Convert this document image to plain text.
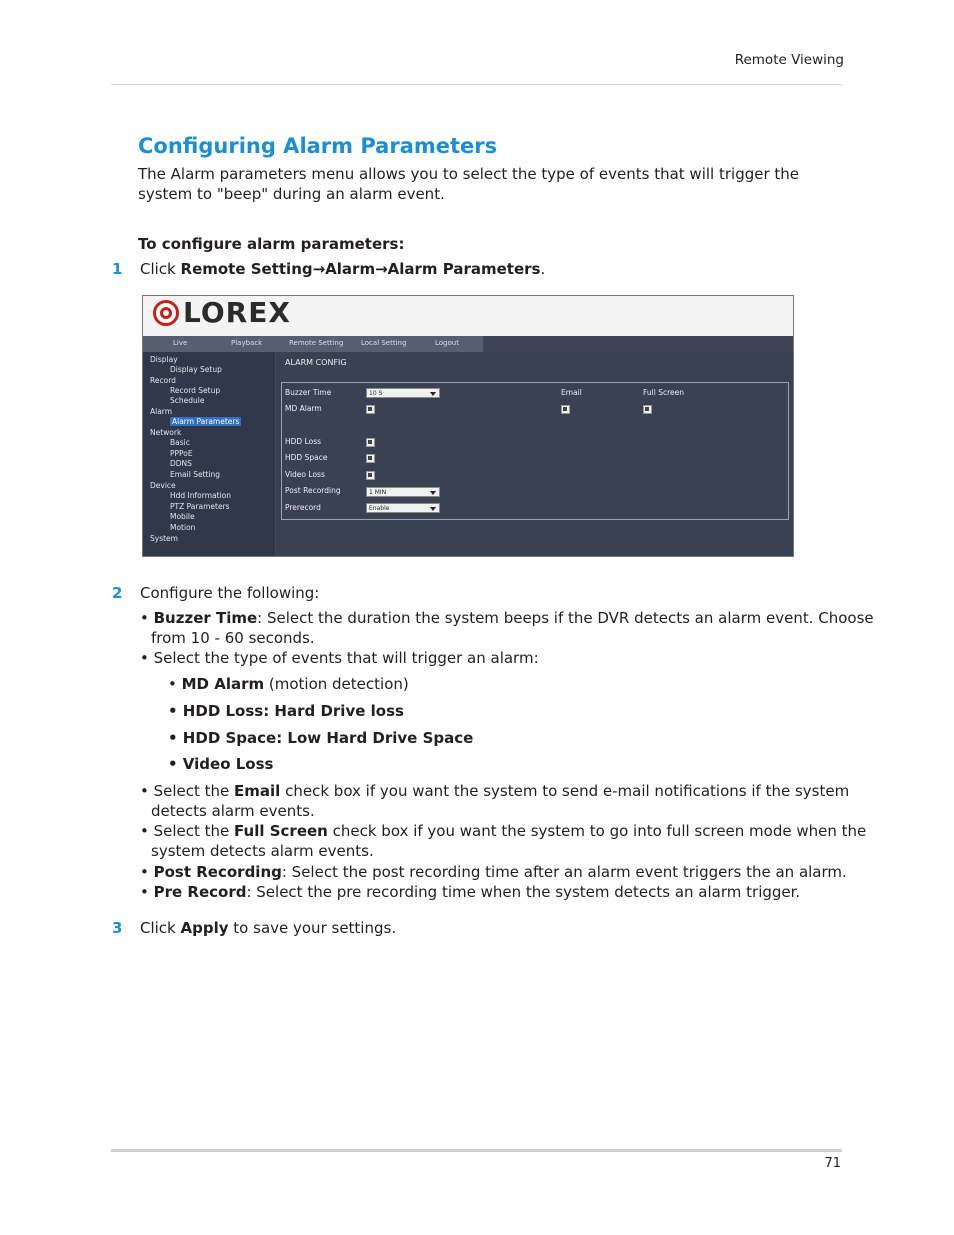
Remote Viewing
Configuring Alarm Parameters

The Alarm parameters menu allows you to select the type of events that will trigger the system to "beep" during an alarm event.

To configure alarm parameters:

1 Click Remote Setting→Alarm→Alarm Parameters.
LOREX
Live	Playback	Remote Setting	Local Setting	Logout
Display
Display Setup
Record
Record Setup
Schedule
Alarm
Alarm Parameters
Network
Basic
PPPoE
DDNS
Email Setting
Device
Hdd Information
PTZ Parameters
Mobile
Motion
System
ALARM CONFIG
Buzzer Time	10 S	Email	Full Screen
MD Alarm
HDD Loss
HDD Space
Video Loss
Post Recording	1 MIN
Prerecord	Enable
2 Configure the following:
• Buzzer Time: Select the duration the system beeps if the DVR detects an alarm event. Choose
from 10 - 60 seconds.
• Select the type of events that will trigger an alarm:
• MD Alarm (motion detection)
• HDD Loss: Hard Drive loss
• HDD Space: Low Hard Drive Space
• Video Loss
• Select the Email check box if you want the system to send e-mail notifications if the system
detects alarm events.
• Select the Full Screen check box if you want the system to go into full screen mode when the
system detects alarm events.
• Post Recording: Select the post recording time after an alarm event triggers the an alarm.
• Pre Record: Select the pre recording time when the system detects an alarm trigger.
3 Click Apply to save your settings.
71
